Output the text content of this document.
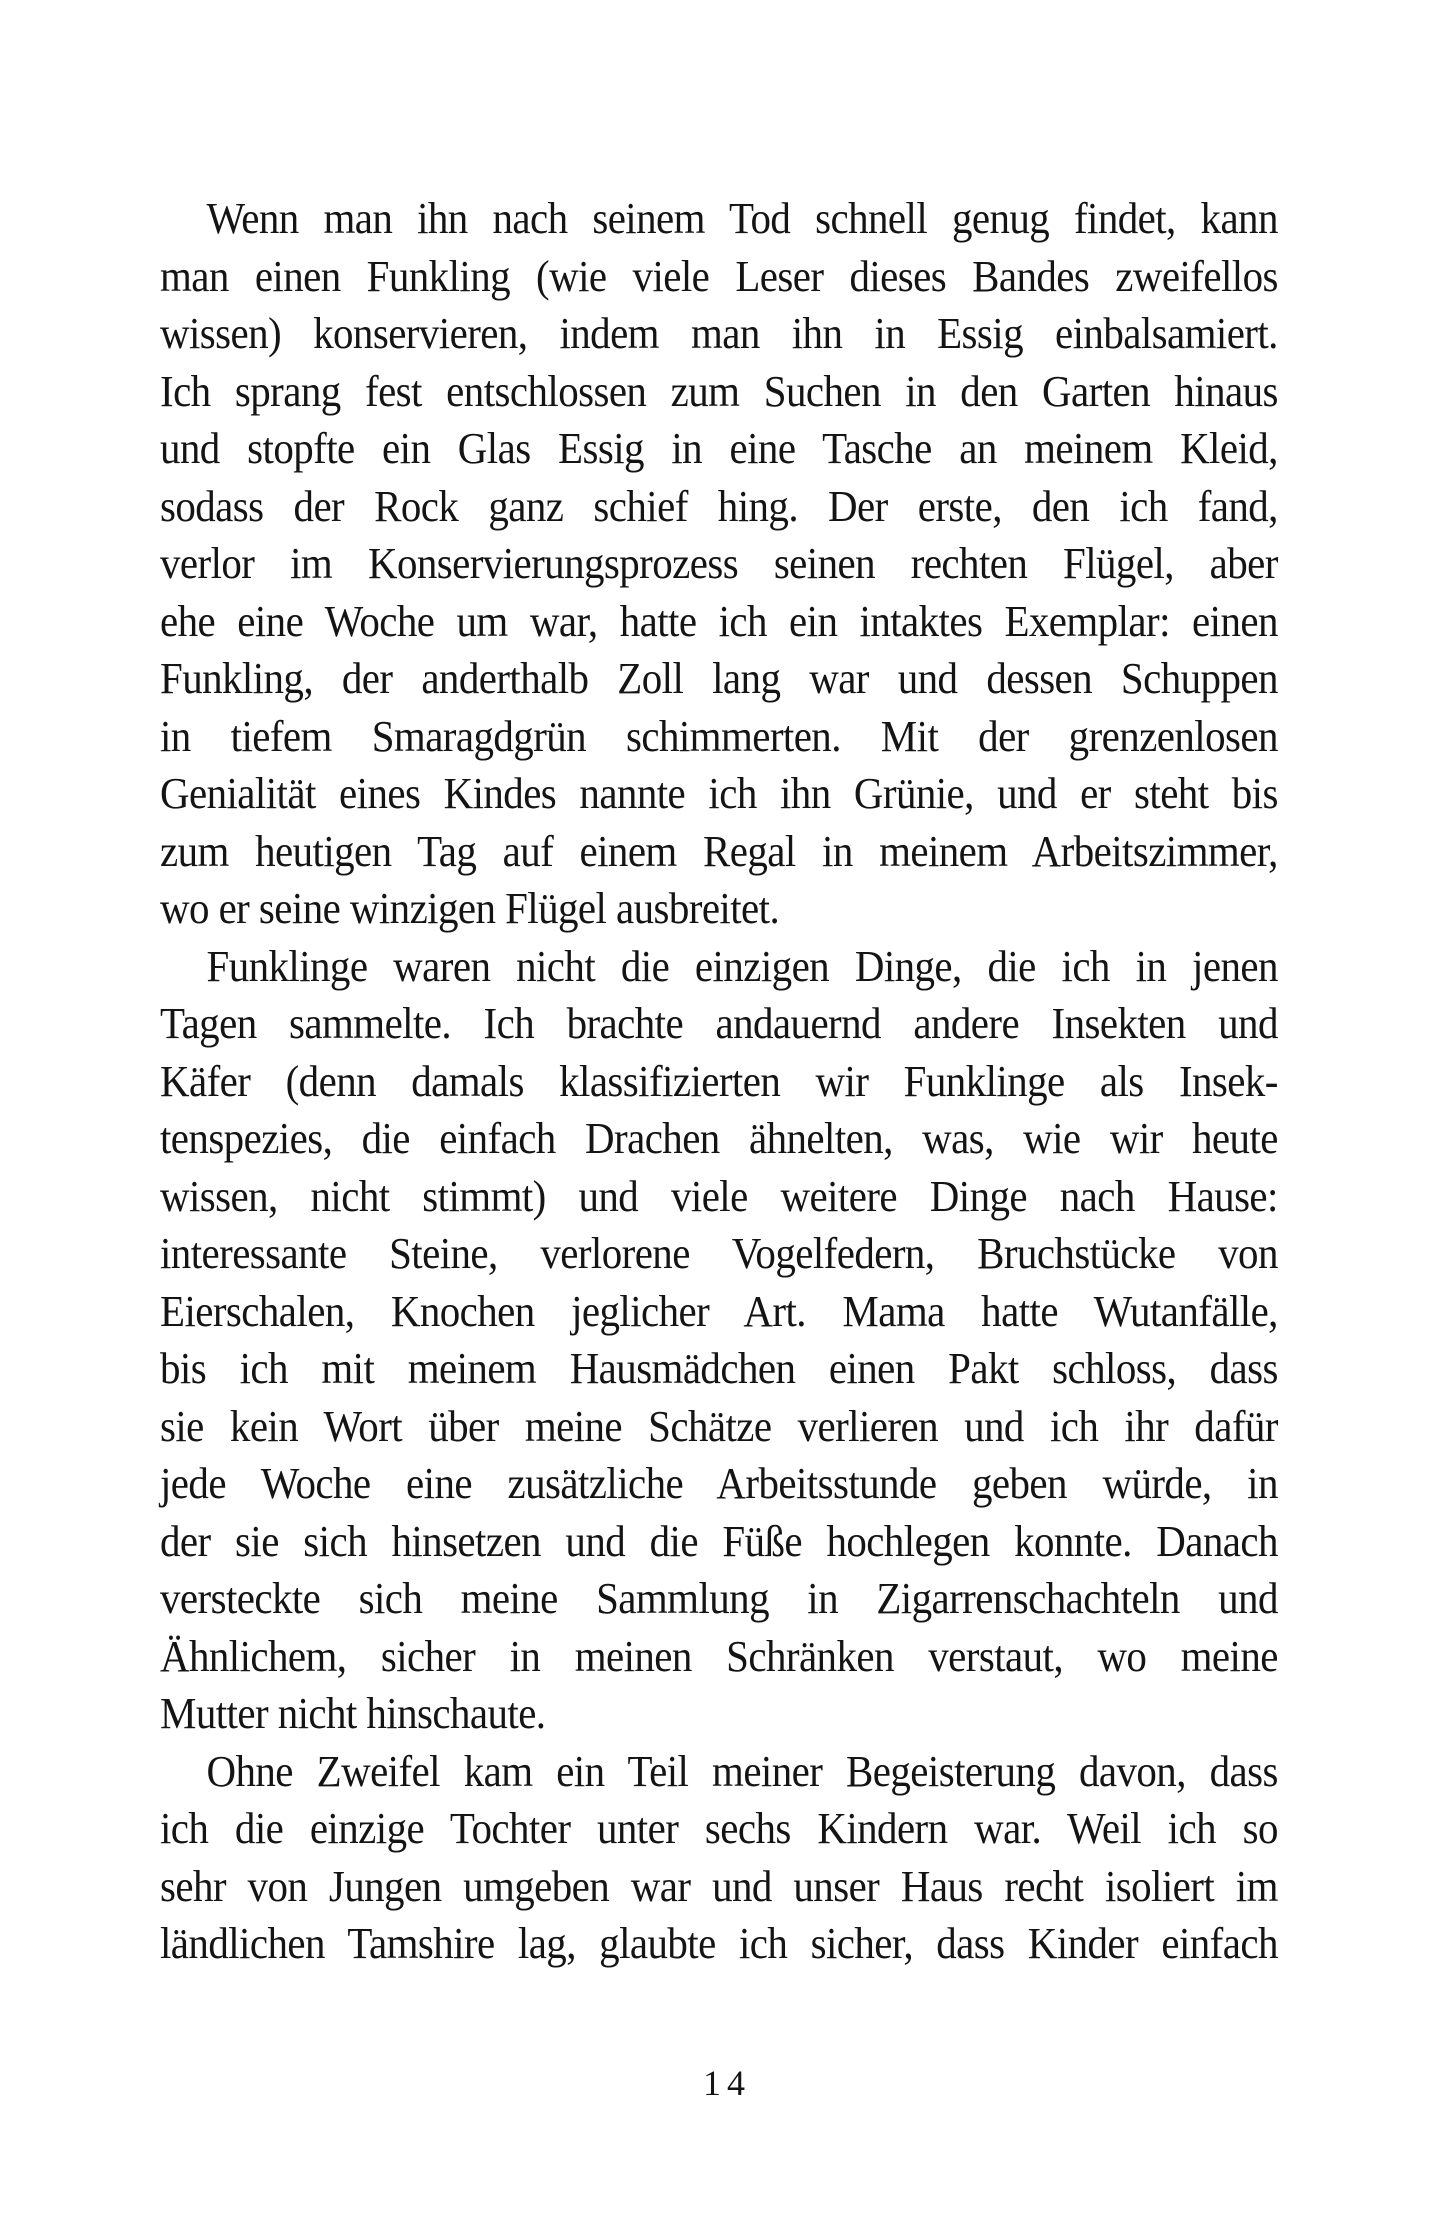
Wenn man ihn nach seinem Tod schnell genug findet, kann
man einen Funkling (wie viele Leser dieses Bandes zweifellos
wissen) konservieren, indem man ihn in Essig einbalsamiert.
Ich sprang fest entschlossen zum Suchen in den Garten hinaus
und stopfte ein Glas Essig in eine Tasche an meinem Kleid,
sodass der Rock ganz schief hing. Der erste, den ich fand,
verlor im Konservierungsprozess seinen rechten Flügel, aber
ehe eine Woche um war, hatte ich ein intaktes Exemplar: einen
Funkling, der anderthalb Zoll lang war und dessen Schuppen
in tiefem Smaragdgrün schimmerten. Mit der grenzenlosen
Genialität eines Kindes nannte ich ihn Grünie, und er steht bis
zum heutigen Tag auf einem Regal in meinem Arbeitszimmer,
wo er seine winzigen Flügel ausbreitet.
Funklinge waren nicht die einzigen Dinge, die ich in jenen
Tagen sammelte. Ich brachte andauernd andere Insekten und
Käfer (denn damals klassifizierten wir Funklinge als Insek-
tenspezies, die einfach Drachen ähnelten, was, wie wir heute
wissen, nicht stimmt) und viele weitere Dinge nach Hause:
interessante Steine, verlorene Vogelfedern, Bruchstücke von
Eierschalen, Knochen jeglicher Art. Mama hatte Wutanfälle,
bis ich mit meinem Hausmädchen einen Pakt schloss, dass
sie kein Wort über meine Schätze verlieren und ich ihr dafür
jede Woche eine zusätzliche Arbeitsstunde geben würde, in
der sie sich hinsetzen und die Füße hochlegen konnte. Danach
versteckte sich meine Sammlung in Zigarrenschachteln und
Ähnlichem, sicher in meinen Schränken verstaut, wo meine
Mutter nicht hinschaute.
Ohne Zweifel kam ein Teil meiner Begeisterung davon, dass
ich die einzige Tochter unter sechs Kindern war. Weil ich so
sehr von Jungen umgeben war und unser Haus recht isoliert im
ländlichen Tamshire lag, glaubte ich sicher, dass Kinder einfach
14
